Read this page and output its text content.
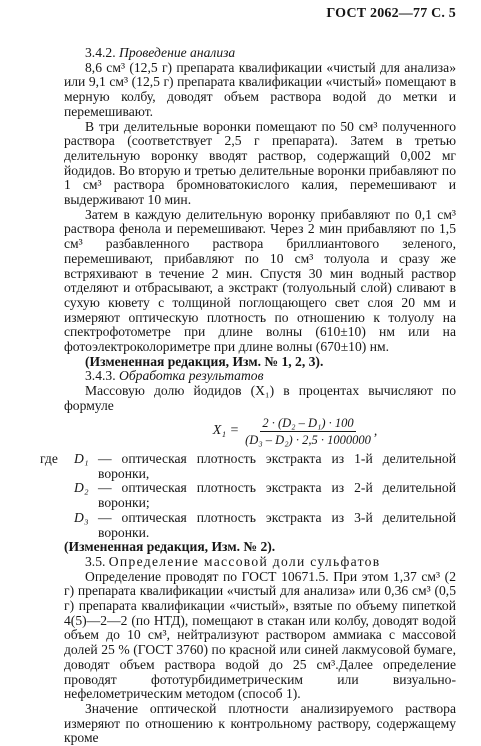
ГОСТ 2062—77 С. 5

3.4.2. Проведение анализа

8,6 см³ (12,5 г) препарата квалификации «чистый для анализа» или 9,1 см³ (12,5 г) препарата квалификации «чистый» помещают в мерную колбу, доводят объем раствора водой до метки и перемешивают.

В три делительные воронки помещают по 50 см³ полученного раствора (соответствует 2,5 г препарата). Затем в третью делительную воронку вводят раствор, содержащий 0,002 мг йодидов. Во вторую и третью делительные воронки прибавляют по 1 см³ раствора бромноватокислого калия, перемешивают и выдерживают 10 мин.

Затем в каждую делительную воронку прибавляют по 0,1 см³ раствора фенола и перемешивают. Через 2 мин прибавляют по 1,5 см³ разбавленного раствора бриллиантового зеленого, перемешивают, прибавляют по 10 см³ толуола и сразу же встряхивают в течение 2 мин. Спустя 30 мин водный раствор отделяют и отбрасывают, а экстракт (толуольный слой) сливают в сухую кювету с толщиной поглощающего свет слоя 20 мм и измеряют оптическую плотность по отношению к толуолу на спектрофотометре при длине волны (610±10) нм или на фотоэлектроколориметре при длине волны (670±10) нм.

(Измененная редакция, Изм. № 1, 2, 3).

3.4.3. Обработка результатов

Массовую долю йодидов (X₁) в процентах вычисляют по формуле

$X_1 = \frac{\text{2 · (D₂ – D₁) · 100}}{\text{(D₃ – D₂) · 2,5 · 1000000}}$ ,
где	D₁ — оптическая плотность экстракта из 1-й делительной воронки,
D₂ — оптическая плотность экстракта из 2-й делительной воронки;
D₃ — оптическая плотность экстракта из 3-й делительной воронки.

(Измененная редакция, Изм. № 2).

3.5. Определение массовой доли сульфатов

Определение проводят по ГОСТ 10671.5. При этом 1,37 см³ (2 г) препарата квалификации «чистый для анализа» или 0,36 см³ (0,5 г) препарата квалификации «чистый», взятые по объему пипеткой 4(5)—2—2 (по НТД), помещают в стакан или колбу, доводят водой объем до 10 см³, нейтрализуют раствором аммиака с массовой долей 25 % (ГОСТ 3760) по красной или синей лакмусовой бумаге, доводят объем раствора водой до 25 см³.Далее определение проводят фототурбидиметрическим или визуально-нефелометрическим методом (способ 1).

Значение оптической плотности анализируемого раствора измеряют по отношению к контрольному раствору, содержащему кроме
